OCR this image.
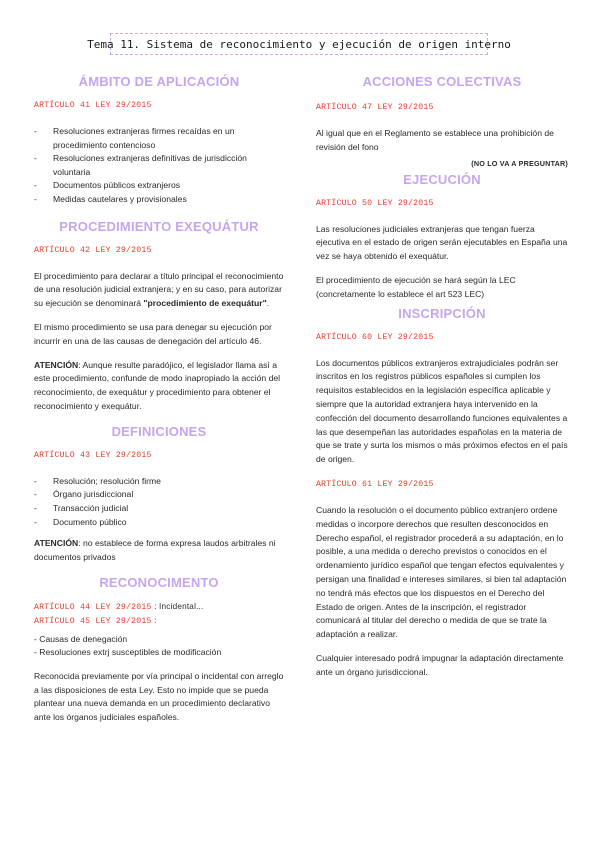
Tema 11. Sistema de reconocimiento y ejecución de origen interno
ÁMBITO DE APLICACIÓN
ARTÍCULO 41 LEY 29/2015
- Resoluciones extranjeras firmes recaídas en un procedimiento contencioso
- Resoluciones extranjeras definitivas de jurisdicción voluntaria
- Documentos públicos extranjeros
- Medidas cautelares y provisionales
PROCEDIMIENTO EXEQUÁTUR
ARTÍCULO 42 LEY 29/2015

El procedimiento para declarar a título principal el reconocimiento de una resolución judicial extranjera; y en su caso, para autorizar su ejecución se denominará "procedimiento de exequátur".

El mismo procedimiento se usa para denegar su ejecución por incurrir en una de las causas de denegación del artículo 46.

ATENCIÓN: Aunque resulte paradójico, el legislador llama así a este procedimiento, confunde de modo inapropiado la acción del reconocimiento, de exequátur y procedimiento para obtener el reconocimiento y exequátur.

DEFINICIONES
ARTÍCULO 43 LEY 29/2015
- Resolución; resolución firme
- Órgano jurisdiccional
- Transacción judicial
- Documento público

ATENCIÓN: no establece de forma expresa laudos arbitrales ni documentos privados

RECONOCIMENTO
ARTÍCULO 44 LEY 29/2015 : Incidental...
ARTÍCULO 45 LEY 29/2015 :
- Causas de denegación
- Resoluciones extrj susceptibles de modificación

Reconocida previamente por vía principal o incidental con arreglo a las disposiciones de esta Ley. Esto no impide que se pueda plantear una nueva demanda en un procedimiento declarativo ante los órganos judiciales españoles.

ACCIONES COLECTIVAS
ARTÍCULO 47 LEY 29/2015

Al igual que en el Reglamento se establece una prohibición de revisión del fono

(NO LO VA A PREGUNTAR)
EJECUCIÓN
ARTÍCULO 50 LEY 29/2015

Las resoluciones judiciales extranjeras que tengan fuerza ejecutiva en el estado de origen serán ejecutables en España una vez se haya obtenido el exequátur.

El procedimiento de ejecución se hará según la LEC (concretamente lo establece el art 523 LEC)

INSCRIPCIÓN
ARTÍCULO 60 LEY 29/2015

Los documentos públicos extranjeros extrajudiciales podrán ser inscritos en los registros públicos españoles si cumplen los requisitos establecidos en la legislación específica aplicable y siempre que la autoridad extranjera haya intervenido en la confección del documento desarrollando funciones equivalentes a las que desempeñan las autoridades españolas en la materia de que se trate y surta los mismos o más próximos efectos en el país de origen.

ARTÍCULO 61 LEY 29/2015

Cuando la resolución o el documento público extranjero ordene medidas o incorpore derechos que resulten desconocidos en Derecho español, el registrador procederá a su adaptación, en lo posible, a una medida o derecho previstos o conocidos en el ordenamiento jurídico español que tengan efectos equivalentes y persigan una finalidad e intereses similares, si bien tal adaptación no tendrá más efectos que los dispuestos en el Derecho del Estado de origen. Antes de la inscripción, el registrador comunicará al titular del derecho o medida de que se trate la adaptación a realizar.

Cualquier interesado podrá impugnar la adaptación directamente ante un órgano jurisdiccional.
